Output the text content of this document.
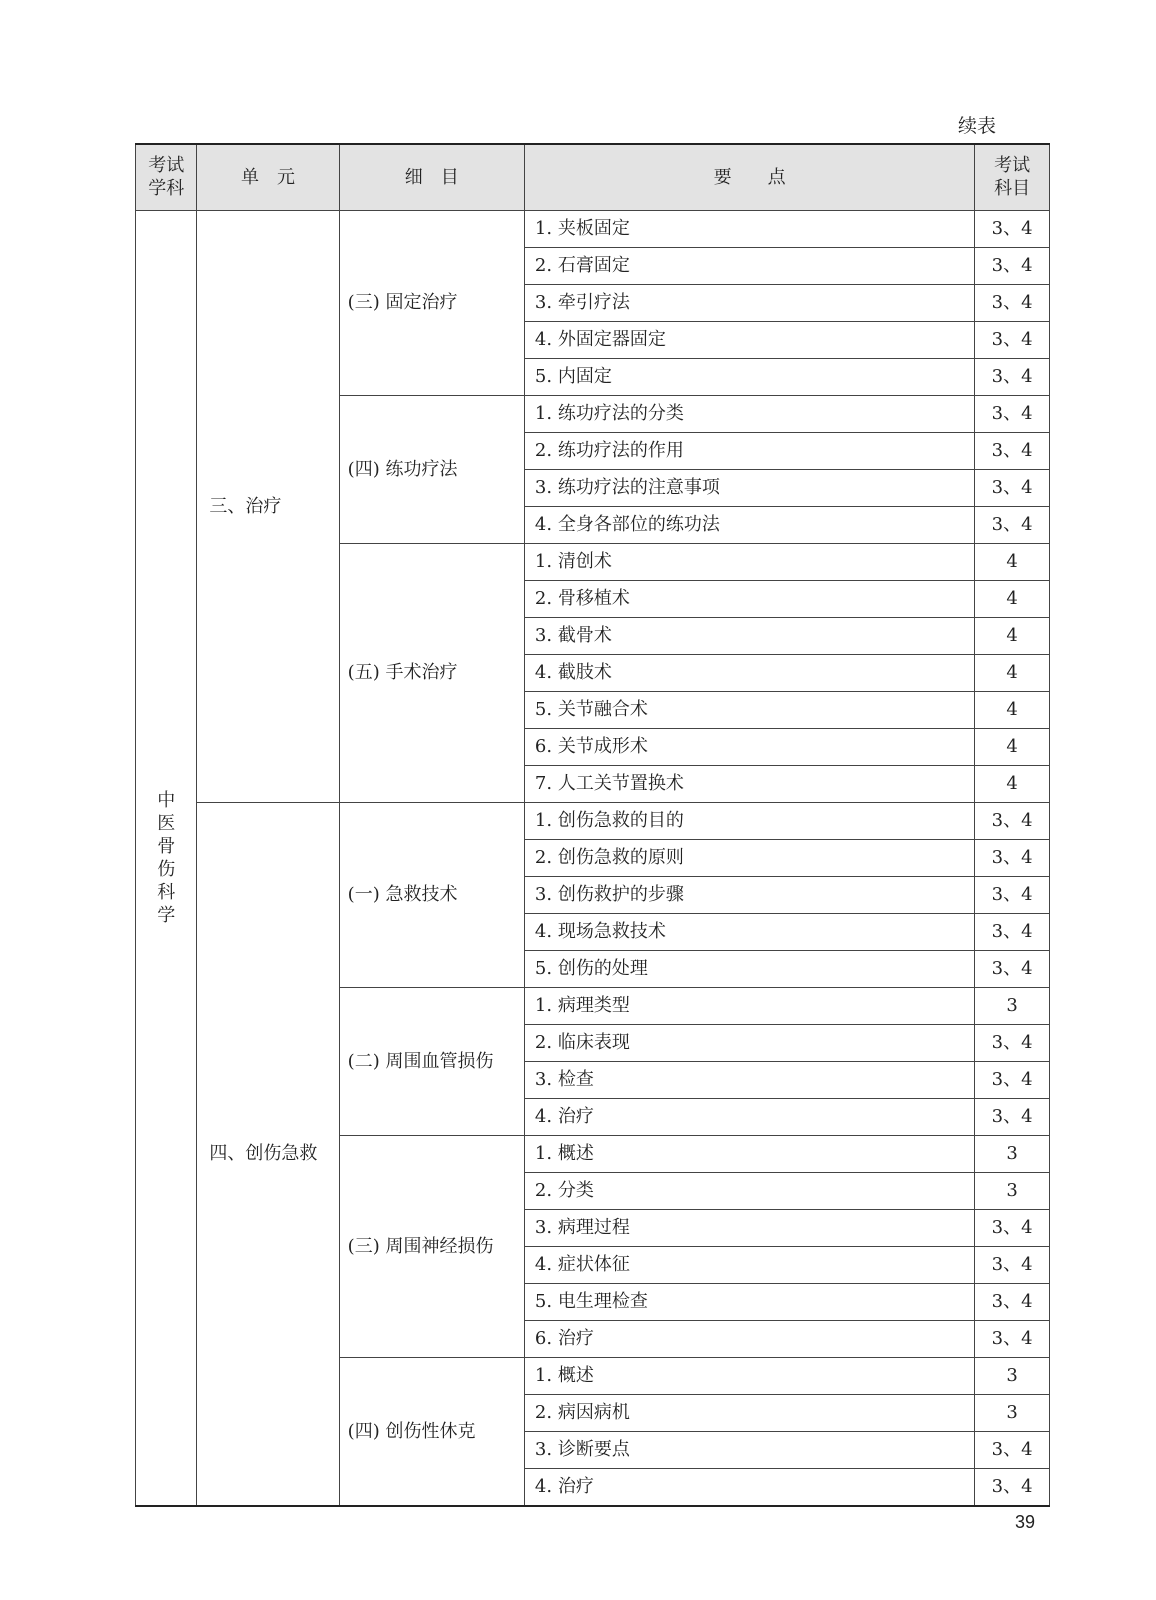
续表
考试学科	单　元	细　目	要　　点	考试科目
中医骨伤科学	三、治疗	(三) 固定治疗	1. 夹板固定	3、4
			2. 石膏固定	3、4
			3. 牵引疗法	3、4
			4. 外固定器固定	3、4
			5. 内固定	3、4
		(四) 练功疗法	1. 练功疗法的分类	3、4
			2. 练功疗法的作用	3、4
			3. 练功疗法的注意事项	3、4
			4. 全身各部位的练功法	3、4
		(五) 手术治疗	1. 清创术	4
			2. 骨移植术	4
			3. 截骨术	4
			4. 截肢术	4
			5. 关节融合术	4
			6. 关节成形术	4
			7. 人工关节置换术	4
	四、创伤急救	(一) 急救技术	1. 创伤急救的目的	3、4
			2. 创伤急救的原则	3、4
			3. 创伤救护的步骤	3、4
			4. 现场急救技术	3、4
			5. 创伤的处理	3、4
		(二) 周围血管损伤	1. 病理类型	3
			2. 临床表现	3、4
			3. 检查	3、4
			4. 治疗	3、4
		(三) 周围神经损伤	1. 概述	3
			2. 分类	3
			3. 病理过程	3、4
			4. 症状体征	3、4
			5. 电生理检查	3、4
			6. 治疗	3、4
		(四) 创伤性休克	1. 概述	3
			2. 病因病机	3
			3. 诊断要点	3、4
			4. 治疗	3、4
39
